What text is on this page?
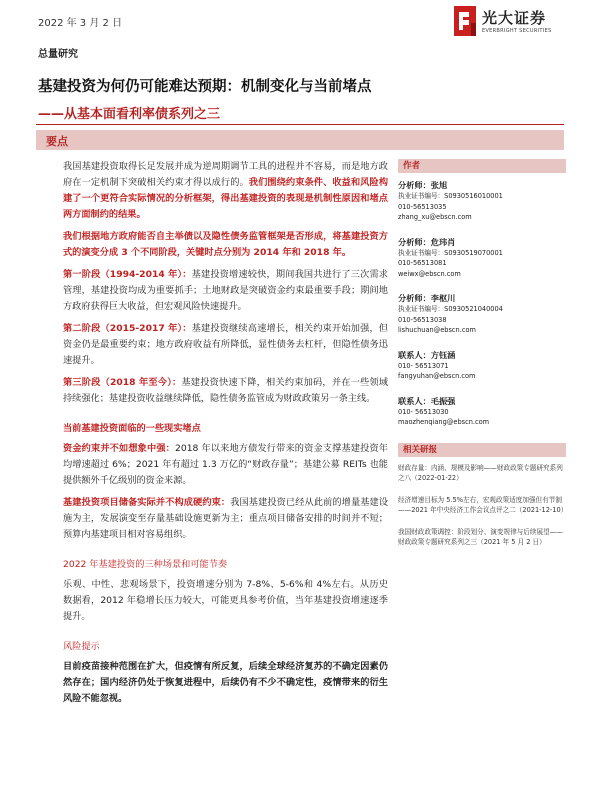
2022 年 3 月 2 日	光大证券
EVERBRIGHT SECURITIES
总量研究
基建投资为何仍可能难达预期：机制变化与当前堵点
——从基本面看利率债系列之三
要点

我国基建投资取得长足发展并成为逆周期调节工具的进程并不容易，而是地方政府在一定机制下突破相关约束才得以成行的。我们围绕约束条件、收益和风险构建了一个更符合实际情况的分析框架，得出基建投资的表现是机制性原因和堵点两方面制约的结果。

我们根据地方政府能否自主举债以及隐性债务监管框架是否形成，将基建投资方式的演变分成 3 个不同阶段，关键时点分别为 2014 年和 2018 年。

第一阶段（1994-2014 年）：基建投资增速较快，期间我国共进行了三次需求管理，基建投资均成为重要抓手；土地财政是突破资金约束最重要手段；期间地方政府获得巨大收益，但宏观风险快速提升。

第二阶段（2015-2017 年）：基建投资继续高速增长，相关约束开始加强，但资金仍是最重要约束；地方政府收益有所降低，显性债务去杠杆，但隐性债务迅速提升。

第三阶段（2018 年至今）：基建投资快速下降，相关约束加码，并在一些领域持续强化；基建投资收益继续降低，隐性债务监管成为财政政策另一条主线。

当前基建投资面临的一些现实堵点

资金约束并不如想象中强：2018 年以来地方债发行带来的资金支撑基建投资年均增速超过 6%；2021 年有超过 1.3 万亿的“财政存量”；基建公募 REITs 也能提供额外千亿级别的资金来源。

基建投资项目储备实际并不构成硬约束：我国基建投资已经从此前的增量基建设施为主，发展演变至存量基础设施更新为主；重点项目储备安排的时间并不短；预算内基建项目相对容易组织。

2022 年基建投资的三种场景和可能节奏

乐观、中性、悲观场景下，投资增速分别为 7-8%、5-6%和 4%左右。从历史数据看，2012 年稳增长压力较大，可能更具参考价值，当年基建投资增速逐季提升。

风险提示

目前疫苗接种范围在扩大，但疫情有所反复，后续全球经济复苏的不确定因素仍然存在；国内经济仍处于恢复进程中，后续仍有不少不确定性，疫情带来的衍生风险不能忽视。

作者
分析师：张旭
执业证书编号：S0930516010001
010-56513035
zhang_xu@ebscn.com
分析师：危玮肖
执业证书编号：S0930519070001
010-56513081
weiwx@ebscn.com
分析师：李枢川
执业证书编号：S0930521040004
010-56513038
lishuchuan@ebscn.com
联系人：方钰涵
010- 56513071
fangyuhan@ebscn.com
联系人：毛振强
010- 56513030
maozhenqiang@ebscn.com
相关研报
财政存量：内涵、规模及影响——财政政策专题研究系列之八（2022-01-22）
经济增速目标为 5.5%左右，宏观政策适度加强但有节制——2021 年中央经济工作会议点评之二（2021-12-10）
我国财政政策调控：阶段划分、演变规律与后续展望——财政政策专题研究系列之三（2021 年 5 月 2 日）
